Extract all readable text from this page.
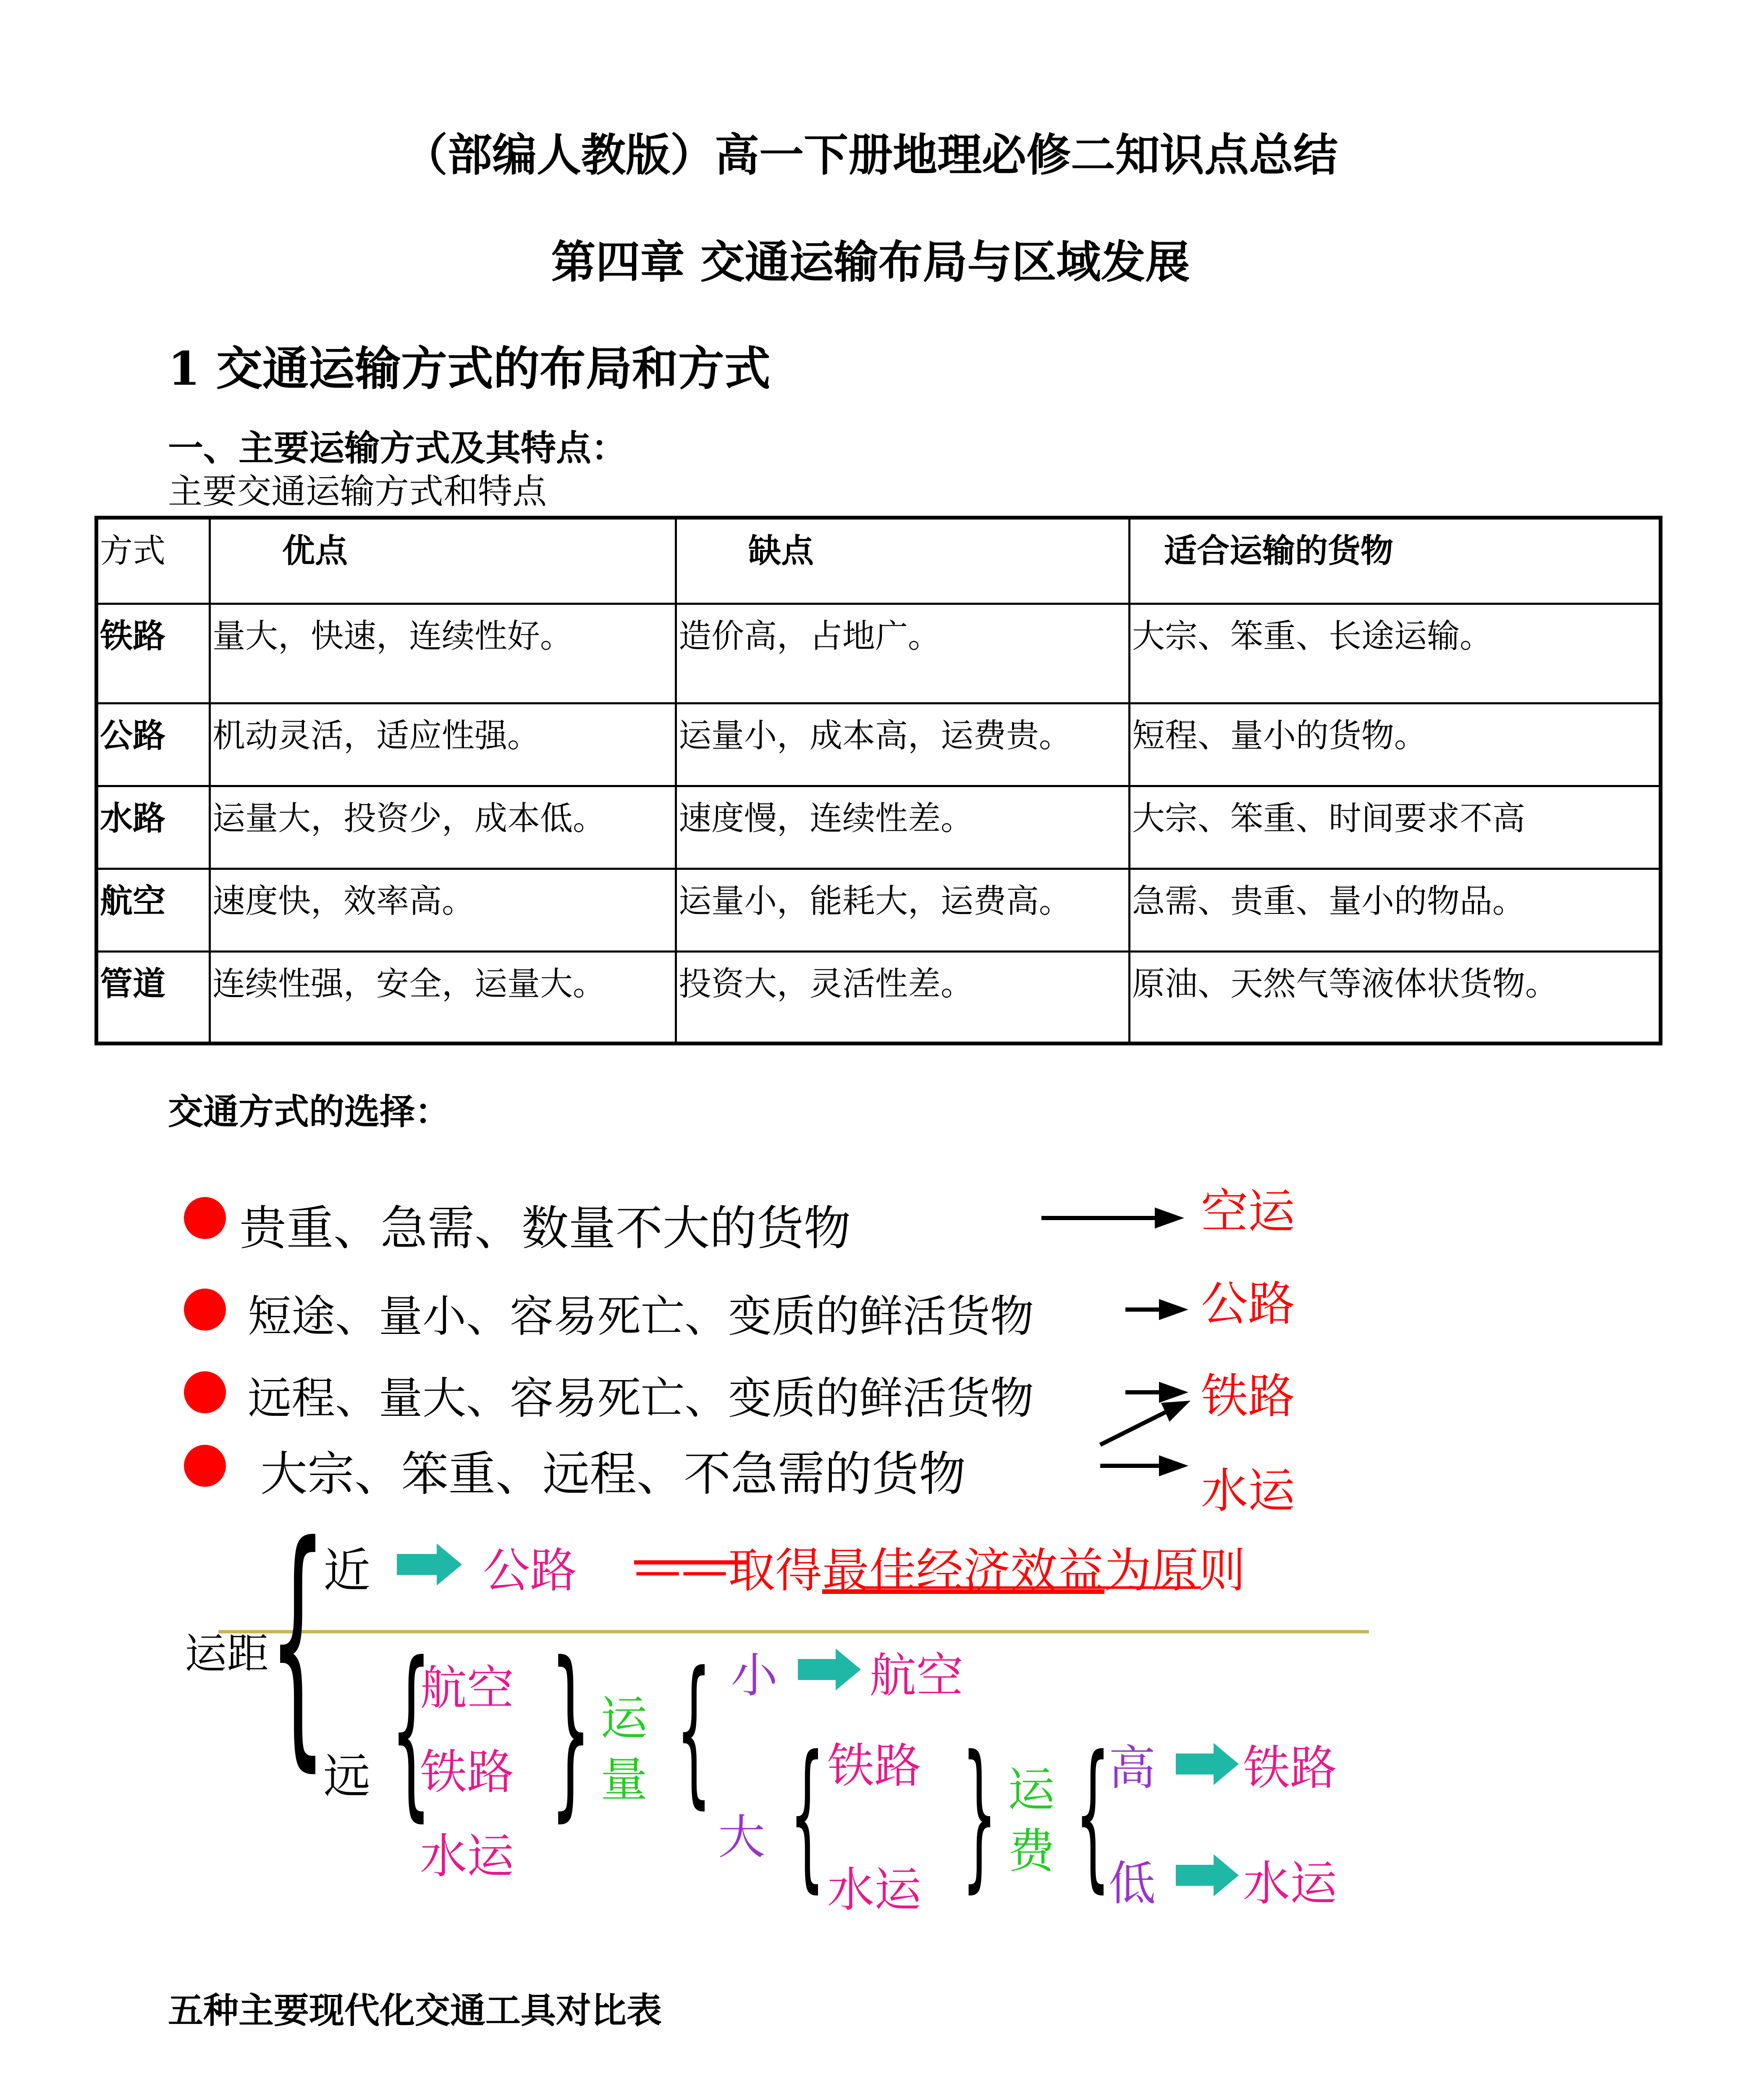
（部编人教版）高一下册地理必修二知识点总结
第四章 交通运输布局与区域发展
1 交通运输方式的布局和方式
一、主要运输方式及其特点：
主要交通运输方式和特点
方式	优点	缺点	适合运输的货物
铁路	量大，快速，连续性好。	造价高，占地广。	大宗、笨重、长途运输。
公路	机动灵活，适应性强。	运量小，成本高，运费贵。	短程、量小的货物。
水路	运量大，投资少，成本低。	速度慢，连续性差。	大宗、笨重、时间要求不高
航空	速度快，效率高。	运量小，能耗大，运费高。	急需、贵重、量小的物品。
管道	连续性强，安全，运量大。	投资大，灵活性差。	原油、天然气等液体状货物。
交通方式的选择：
贵重、急需、数量不大的货物	空运
短途、量小、容易死亡、变质的鲜活货物	公路
远程、量大、容易死亡、变质的鲜活货物	铁路
大宗、笨重、远程、不急需的货物	水运
运距 {
近 公路 ——取得最佳经济效益为原则
远 {
航空
铁路
水运
} 运量 { 小 航空
大 { 铁路
水运 } 运费 {
高 铁路
低 水运
五种主要现代化交通工具对比表
